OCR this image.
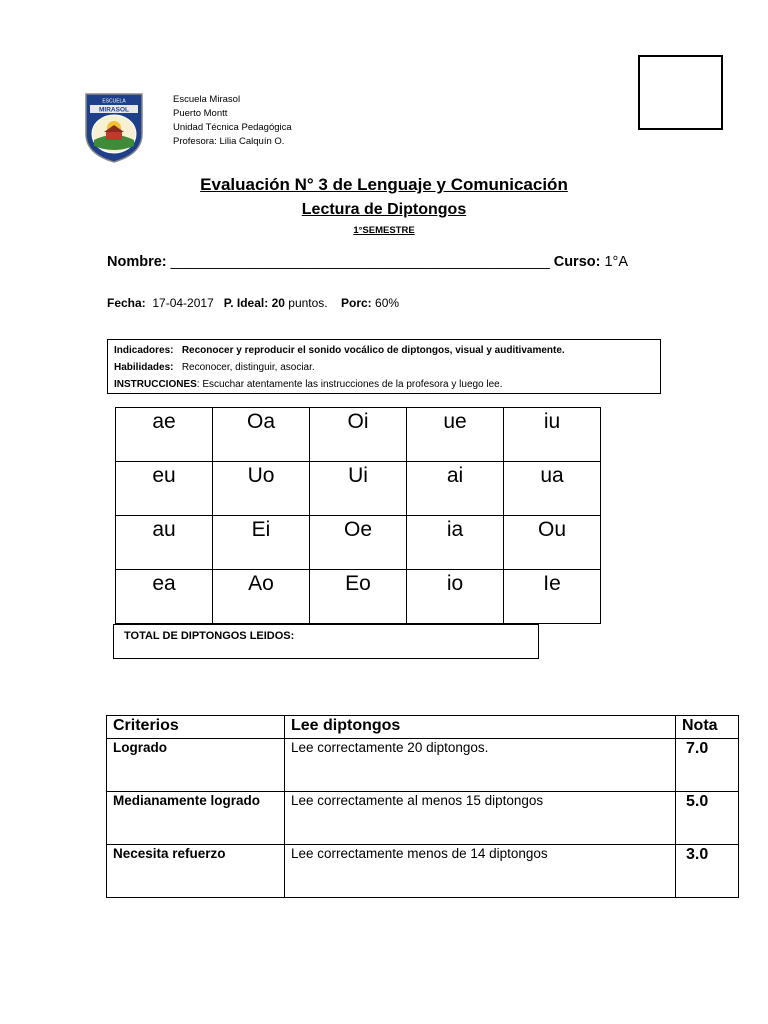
ESCUELA
MIRASOL
Escuela Mirasol
Puerto Montt
Unidad Técnica Pedagógica
Profesora: Lilia Calquín O.
Evaluación N° 3 de Lenguaje y Comunicación
Lectura de Diptongos
1°SEMESTRE
Nombre: _______________________________________________ Curso: 1°A
Fecha: 17-04-2017 P. Ideal: 20 puntos. Porc: 60%
Indicadores: Reconocer y reproducir el sonido vocálico de diptongos, visual y auditivamente.
Habilidades: Reconocer, distinguir, asociar.
INSTRUCCIONES: Escuchar atentamente las instrucciones de la profesora y luego lee.
ae	Oa	Oi	ue	iu
eu	Uo	Ui	ai	ua
au	Ei	Oe	ia	Ou
ea	Ao	Eo	io	Ie
TOTAL DE DIPTONGOS LEIDOS:
Criterios	Lee diptongos	Nota
Logrado	Lee correctamente 20 diptongos.	7.0
Medianamente logrado	Lee correctamente al menos 15 diptongos	5.0
Necesita refuerzo	Lee correctamente menos de 14 diptongos	3.0
